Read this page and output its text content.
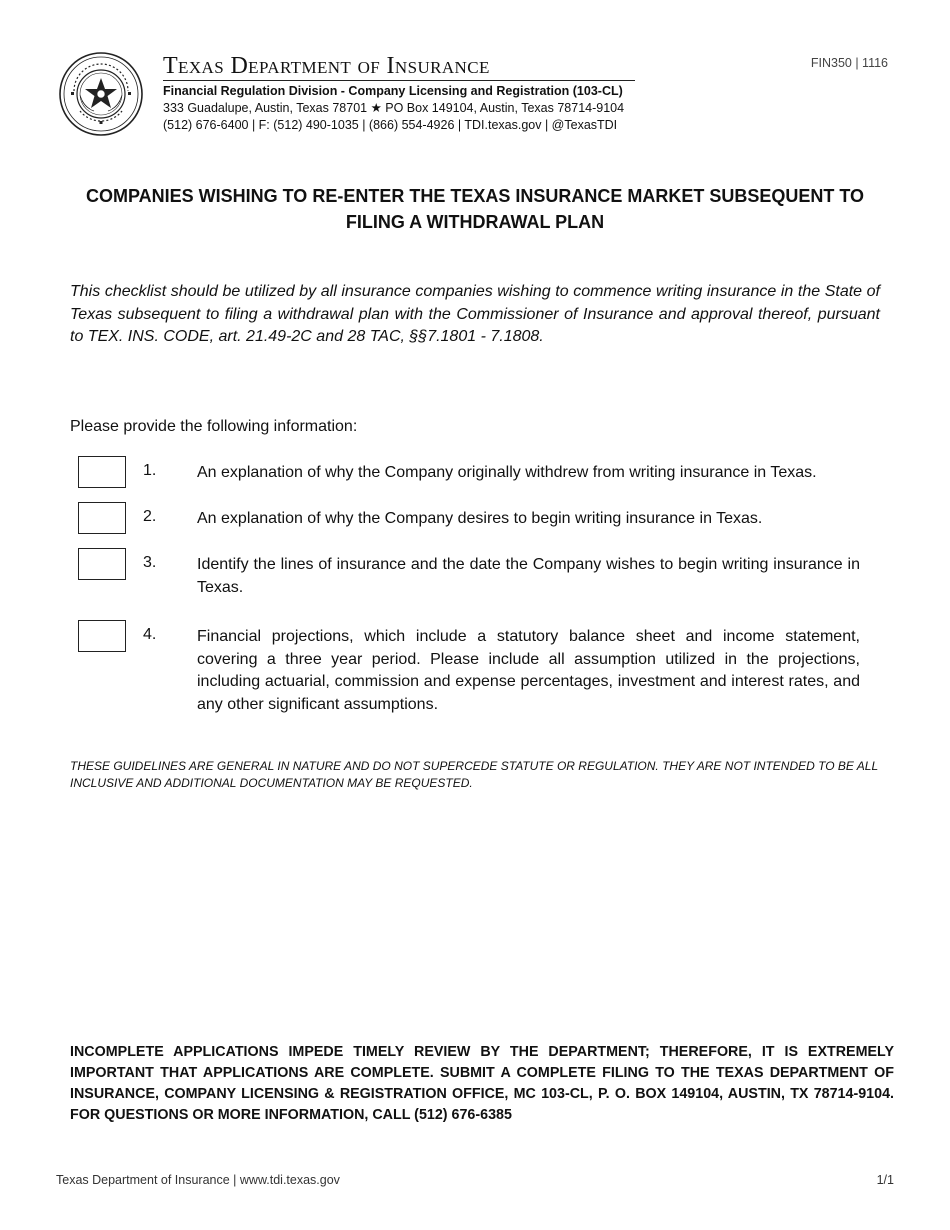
Texas Department of Insurance
Financial Regulation Division - Company Licensing and Registration (103-CL)
333 Guadalupe, Austin, Texas 78701 ★ PO Box 149104, Austin, Texas 78714-9104
(512) 676-6400 | F: (512) 490-1035 | (866) 554-4926 | TDI.texas.gov | @TexasTDI
FIN350 | 1116
COMPANIES WISHING TO RE-ENTER THE TEXAS INSURANCE MARKET SUBSEQUENT TO FILING A WITHDRAWAL PLAN
This checklist should be utilized by all insurance companies wishing to commence writing insurance in the State of Texas subsequent to filing a withdrawal plan with the Commissioner of Insurance and approval thereof, pursuant to TEX. INS. CODE, art. 21.49-2C and 28 TAC, §§7.1801 - 7.1808.
Please provide the following information:
1.	An explanation of why the Company originally withdrew from writing insurance in Texas.
2.	An explanation of why the Company desires to begin writing insurance in Texas.
3.	Identify the lines of insurance and the date the Company wishes to begin writing insurance in Texas.
4.	Financial projections, which include a statutory balance sheet and income statement, covering a three year period. Please include all assumption utilized in the projections, including actuarial, commission and expense percentages, investment and interest rates, and any other significant assumptions.
THESE GUIDELINES ARE GENERAL IN NATURE AND DO NOT SUPERCEDE STATUTE OR REGULATION. THEY ARE NOT INTENDED TO BE ALL INCLUSIVE AND ADDITIONAL DOCUMENTATION MAY BE REQUESTED.
INCOMPLETE APPLICATIONS IMPEDE TIMELY REVIEW BY THE DEPARTMENT; THEREFORE, IT IS EXTREMELY IMPORTANT THAT APPLICATIONS ARE COMPLETE. SUBMIT A COMPLETE FILING TO THE TEXAS DEPARTMENT OF INSURANCE, COMPANY LICENSING & REGISTRATION OFFICE, MC 103-CL, P. O. BOX 149104, AUSTIN, TX 78714-9104. FOR QUESTIONS OR MORE INFORMATION, CALL (512) 676-6385
Texas Department of Insurance | www.tdi.texas.gov	1/1
